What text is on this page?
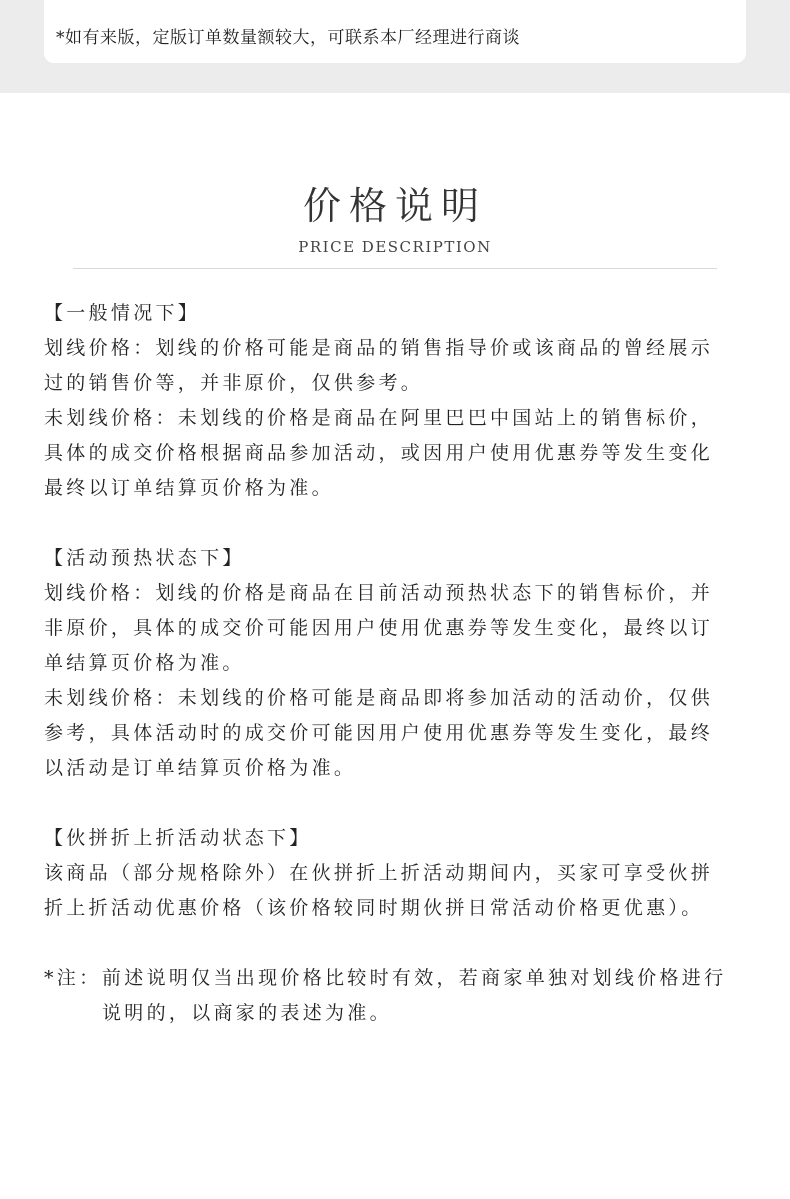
*如有来版，定版订单数量额较大，可联系本厂经理进行商谈
价格说明
PRICE DESCRIPTION
【一般情况下】
划线价格：划线的价格可能是商品的销售指导价或该商品的曾经展示
过的销售价等，并非原价，仅供参考。
未划线价格：未划线的价格是商品在阿里巴巴中国站上的销售标价，
具体的成交价格根据商品参加活动，或因用户使用优惠券等发生变化
最终以订单结算页价格为准。
【活动预热状态下】
划线价格：划线的价格是商品在目前活动预热状态下的销售标价，并
非原价，具体的成交价可能因用户使用优惠券等发生变化，最终以订
单结算页价格为准。
未划线价格：未划线的价格可能是商品即将参加活动的活动价，仅供
参考，具体活动时的成交价可能因用户使用优惠券等发生变化，最终
以活动是订单结算页价格为准。
【伙拼折上折活动状态下】
该商品（部分规格除外）在伙拼折上折活动期间内，买家可享受伙拼
折上折活动优惠价格（该价格较同时期伙拼日常活动价格更优惠）。
*注： 前述说明仅当出现价格比较时有效，若商家单独对划线价格进行
说明的，以商家的表述为准。
